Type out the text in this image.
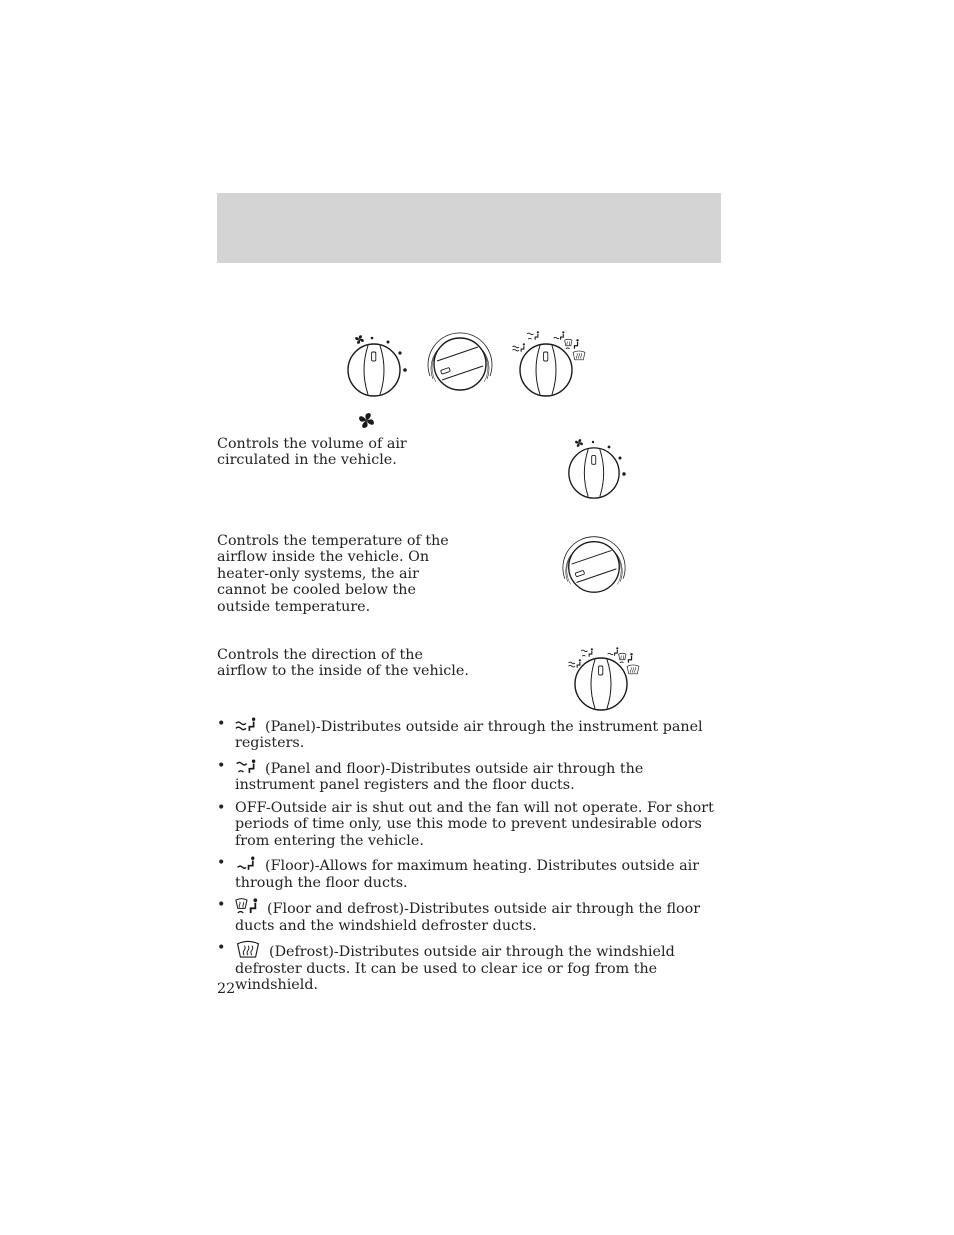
Controls the volume of air circulated in the vehicle.

Controls the temperature of the airflow inside the vehicle. On heater-only systems, the air cannot be cooled below the outside temperature.

Controls the direction of the airflow to the inside of the vehicle.

•	(Panel)-Distributes outside air through the instrument panel registers.
•	(Panel and floor)-Distributes outside air through the instrument panel registers and the floor ducts.
• OFF-Outside air is shut out and the fan will not operate. For short periods of time only, use this mode to prevent undesirable odors from entering the vehicle.
•	(Floor)-Allows for maximum heating. Distributes outside air through the floor ducts.
•	(Floor and defrost)-Distributes outside air through the floor ducts and the windshield defroster ducts.
•	(Defrost)-Distributes outside air through the windshield defroster ducts. It can be used to clear ice or fog from the windshield.
22
